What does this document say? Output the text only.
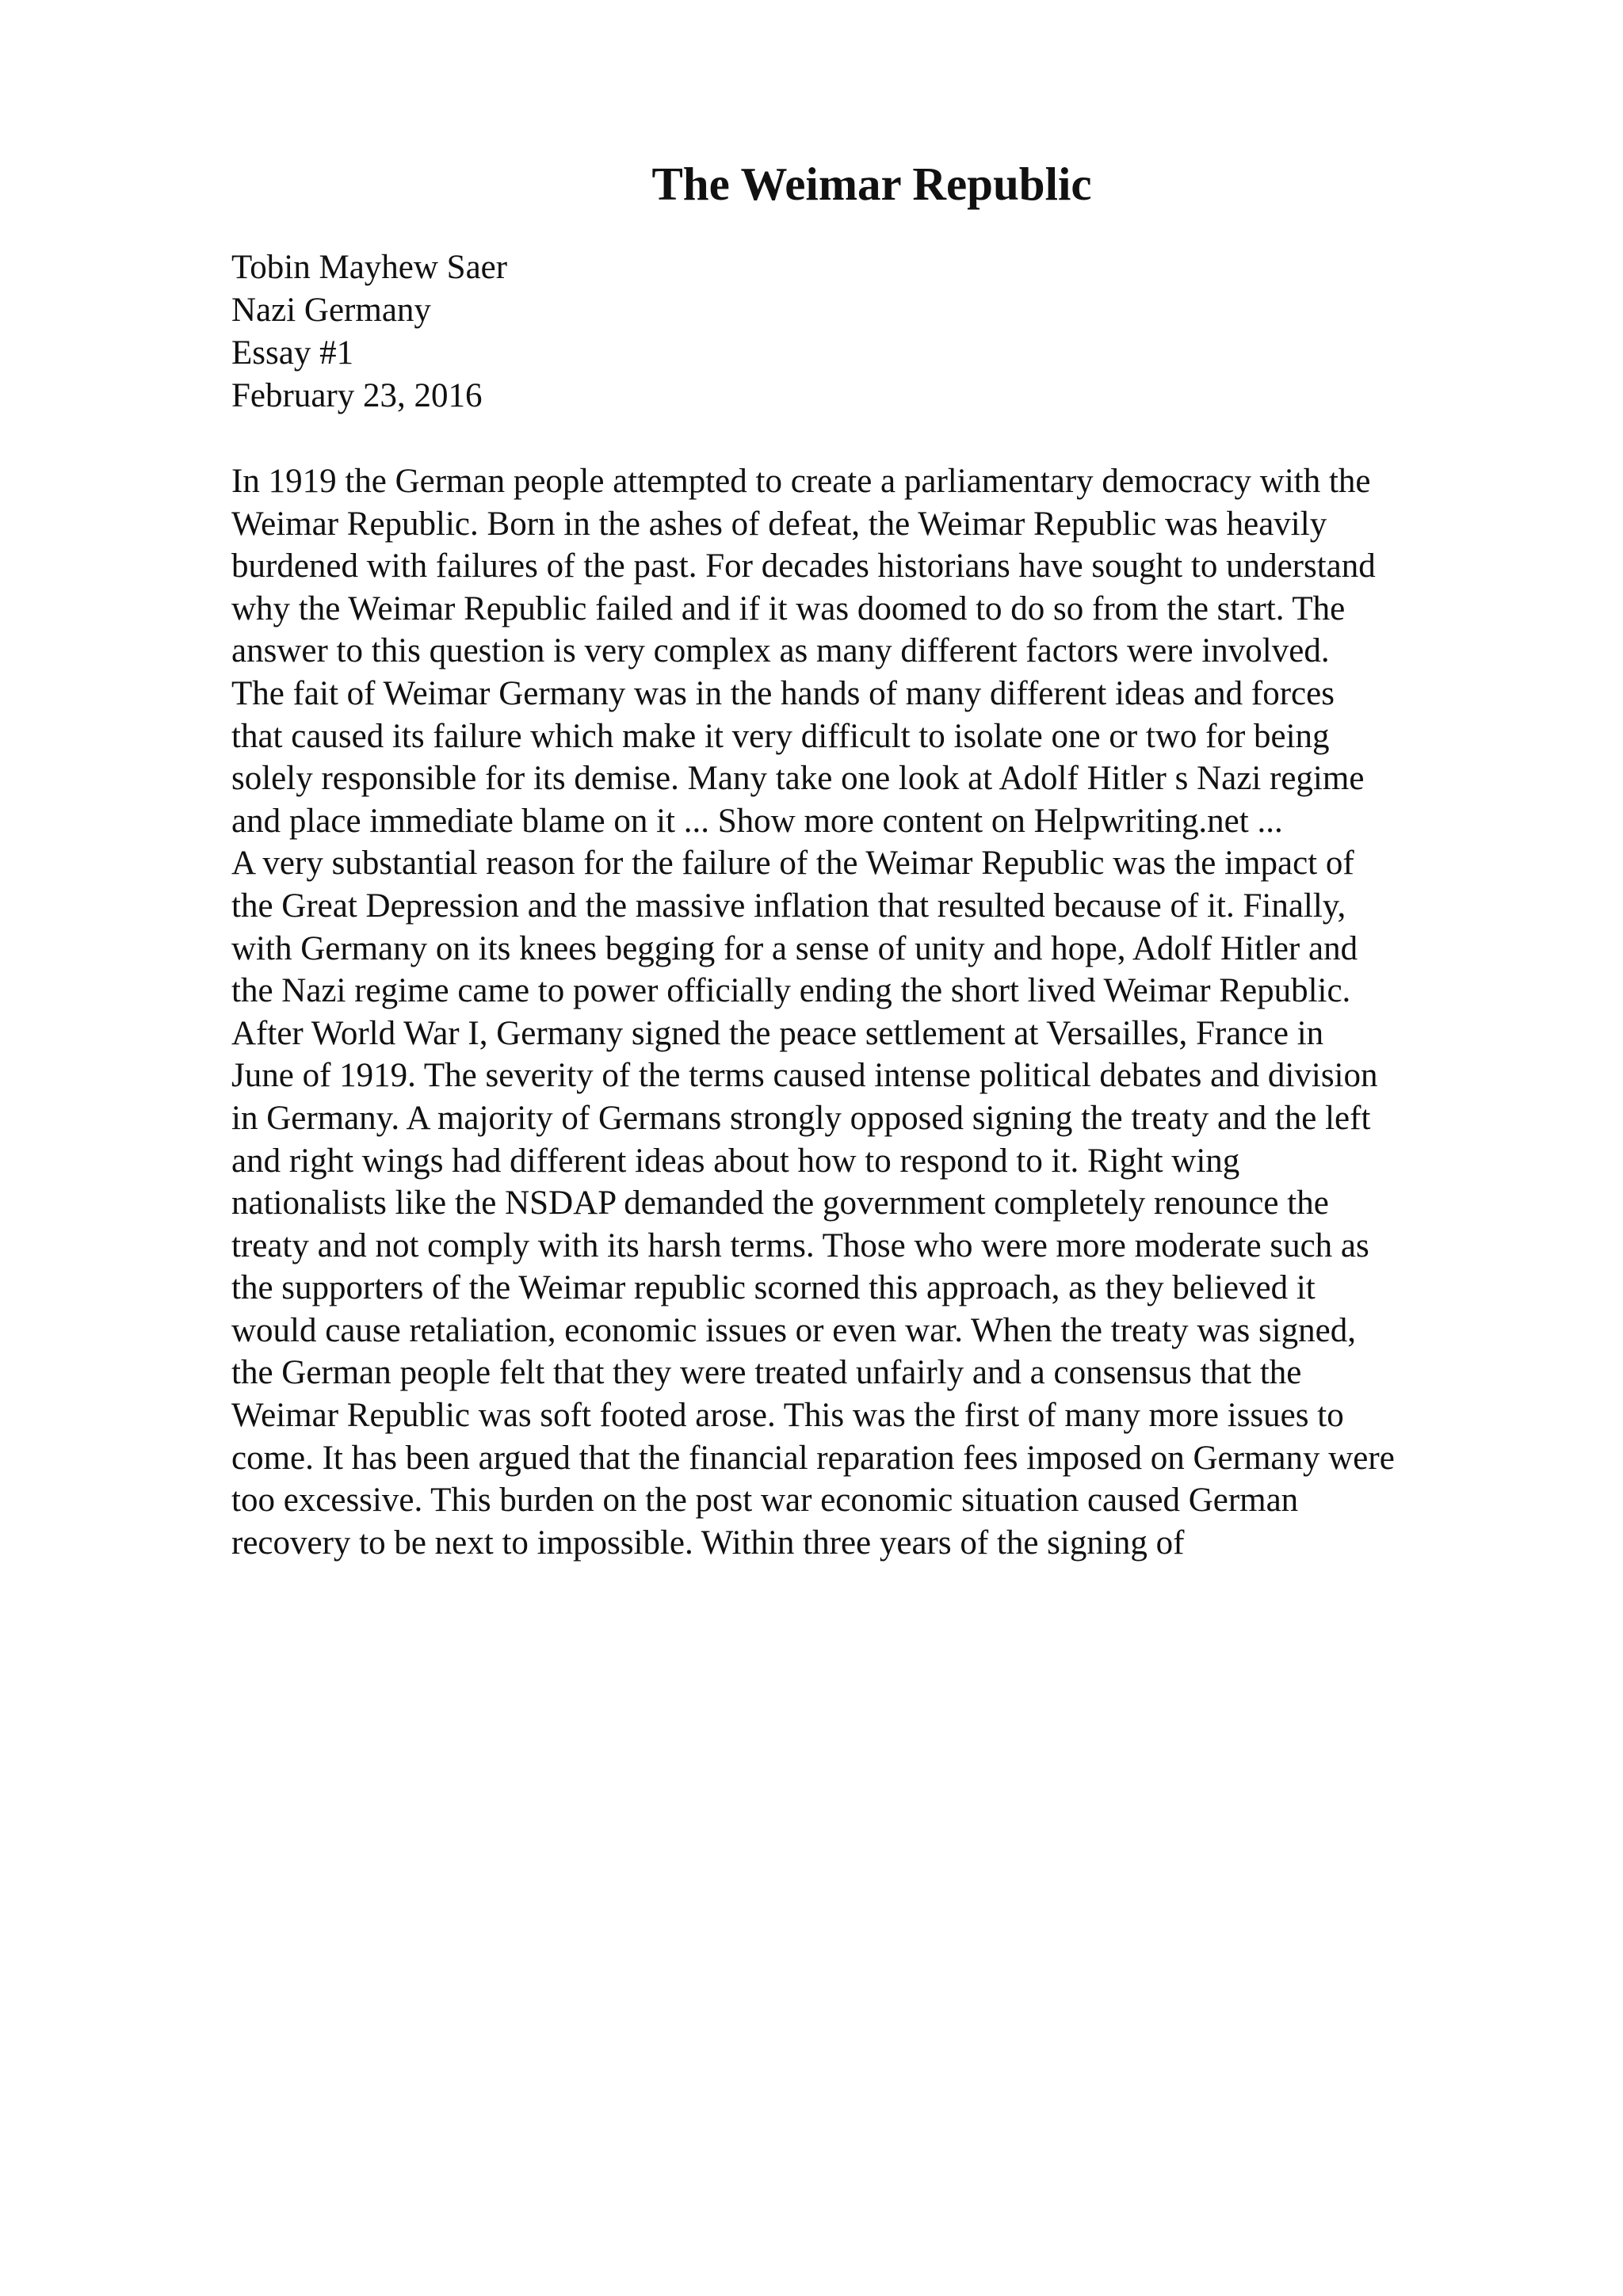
The Weimar Republic
Tobin Mayhew Saer
Nazi Germany
Essay #1
February 23, 2016
In 1919 the German people attempted to create a parliamentary democracy with the
Weimar Republic. Born in the ashes of defeat, the Weimar Republic was heavily
burdened with failures of the past. For decades historians have sought to understand
why the Weimar Republic failed and if it was doomed to do so from the start. The
answer to this question is very complex as many different factors were involved.
The fait of Weimar Germany was in the hands of many different ideas and forces
that caused its failure which make it very difficult to isolate one or two for being
solely responsible for its demise. Many take one look at Adolf Hitler s Nazi regime
and place immediate blame on it ... Show more content on Helpwriting.net ...
A very substantial reason for the failure of the Weimar Republic was the impact of
the Great Depression and the massive inflation that resulted because of it. Finally,
with Germany on its knees begging for a sense of unity and hope, Adolf Hitler and
the Nazi regime came to power officially ending the short lived Weimar Republic.
After World War I, Germany signed the peace settlement at Versailles, France in
June of 1919. The severity of the terms caused intense political debates and division
in Germany. A majority of Germans strongly opposed signing the treaty and the left
and right wings had different ideas about how to respond to it. Right wing
nationalists like the NSDAP demanded the government completely renounce the
treaty and not comply with its harsh terms. Those who were more moderate such as
the supporters of the Weimar republic scorned this approach, as they believed it
would cause retaliation, economic issues or even war. When the treaty was signed,
the German people felt that they were treated unfairly and a consensus that the
Weimar Republic was soft footed arose. This was the first of many more issues to
come. It has been argued that the financial reparation fees imposed on Germany were
too excessive. This burden on the post war economic situation caused German
recovery to be next to impossible. Within three years of the signing of
